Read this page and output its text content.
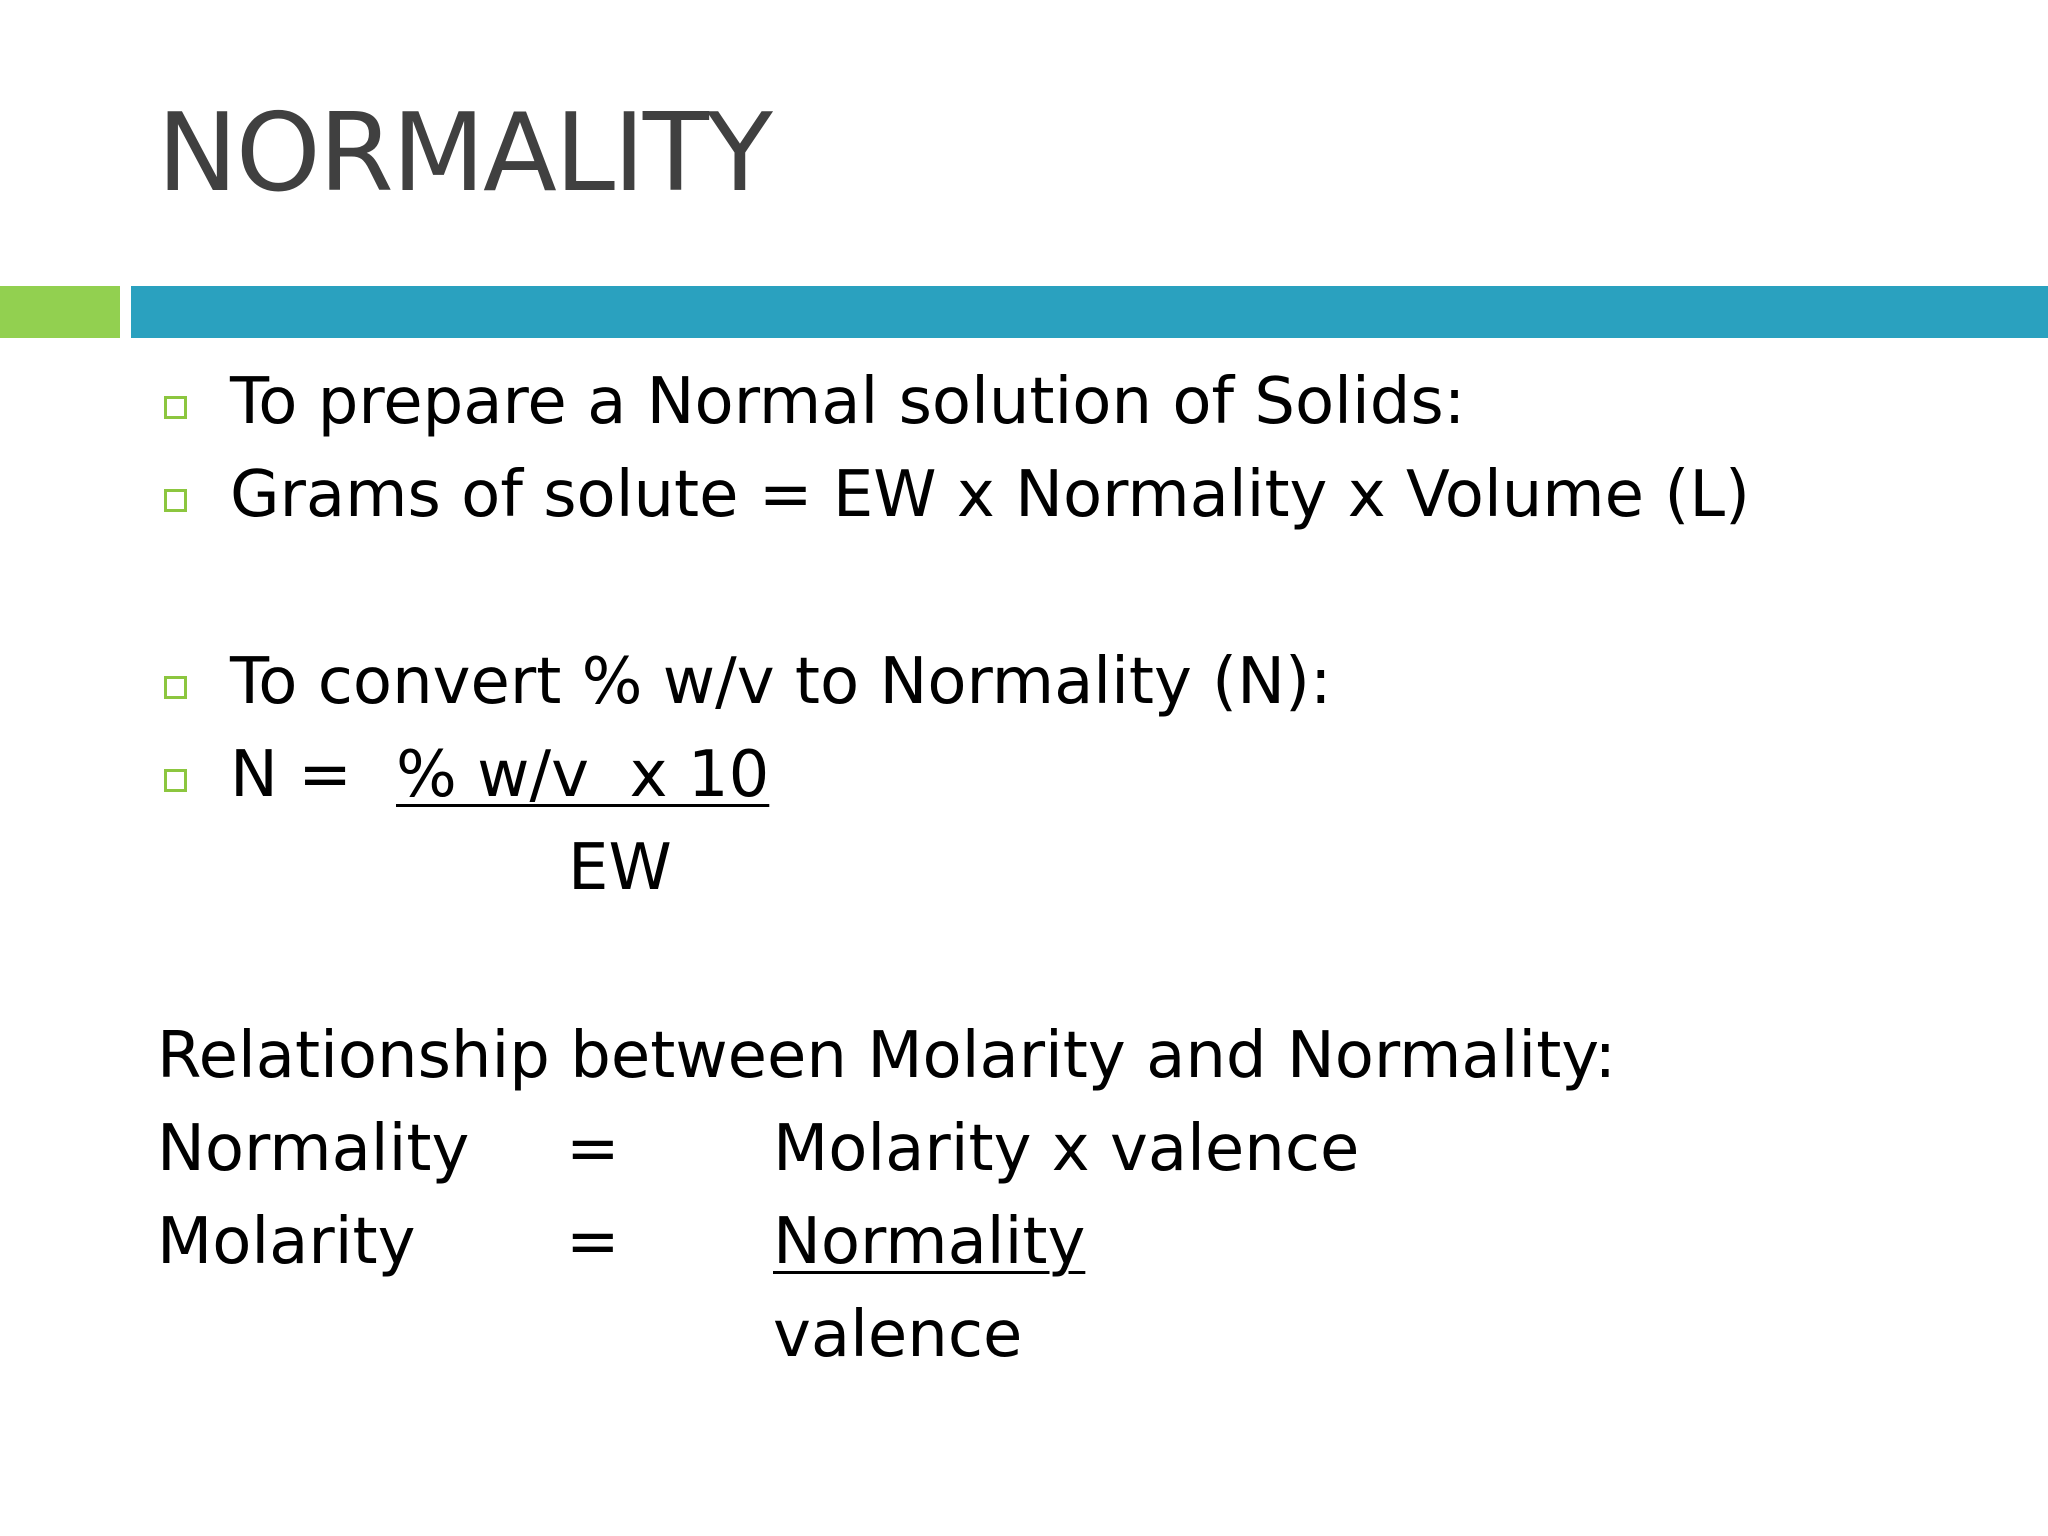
NORMALITY
To prepare a Normal solution of Solids:
Grams of solute = EW x Normality x Volume (L)
To convert % w/v to Normality (N):
N = % w/v  x 10
EW
Relationship between Molarity and Normality:
Normality = Molarity x valence
Molarity = Normality
valence
